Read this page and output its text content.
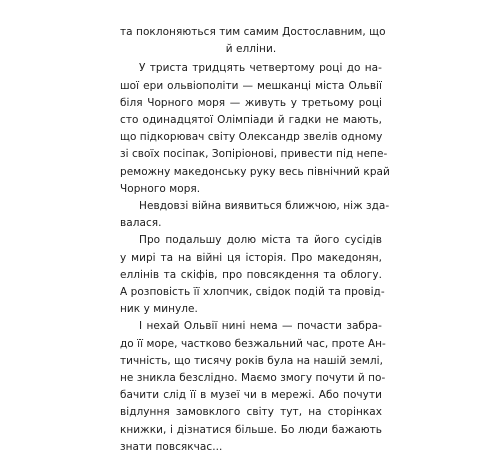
та поклоняються тим самим Достославним, що
й елліни.
У триста тридцять четвертому році до на-
шої ери ольвіополіти — мешканці міста Ольвії
біля Чорного моря — живуть у третьому році
сто одинадцятої Олімпіади й гадки не мають,
що підкорювач світу Олександр звелів одному
зі своїх посіпак, Зопіріонові, привести під непе-
реможну македонську руку весь північний край
Чорного моря.
Невдовзі війна виявиться ближчою, ніж зда-
валася.
Про подальшу долю міста та його сусідів
у мирі та на війні ця історія. Про македонян,
еллінів та скіфів, про повсякдення та облогу.
А розповість її хлопчик, свідок подій та провід-
ник у минуле.
І нехай Ольвії нині нема — почасти забра-
до її море, частково безжальний час, проте Ан-
тичність, що тисячу років була на нашій землі,
не зникла безслідно. Маємо змогу почути й по-
бачити слід її в музеї чи в мережі. Або почути
відлуння замовклого світу тут, на сторінках
книжки, і дізнатися більше. Бо люди бажають
знати повсякчас...
